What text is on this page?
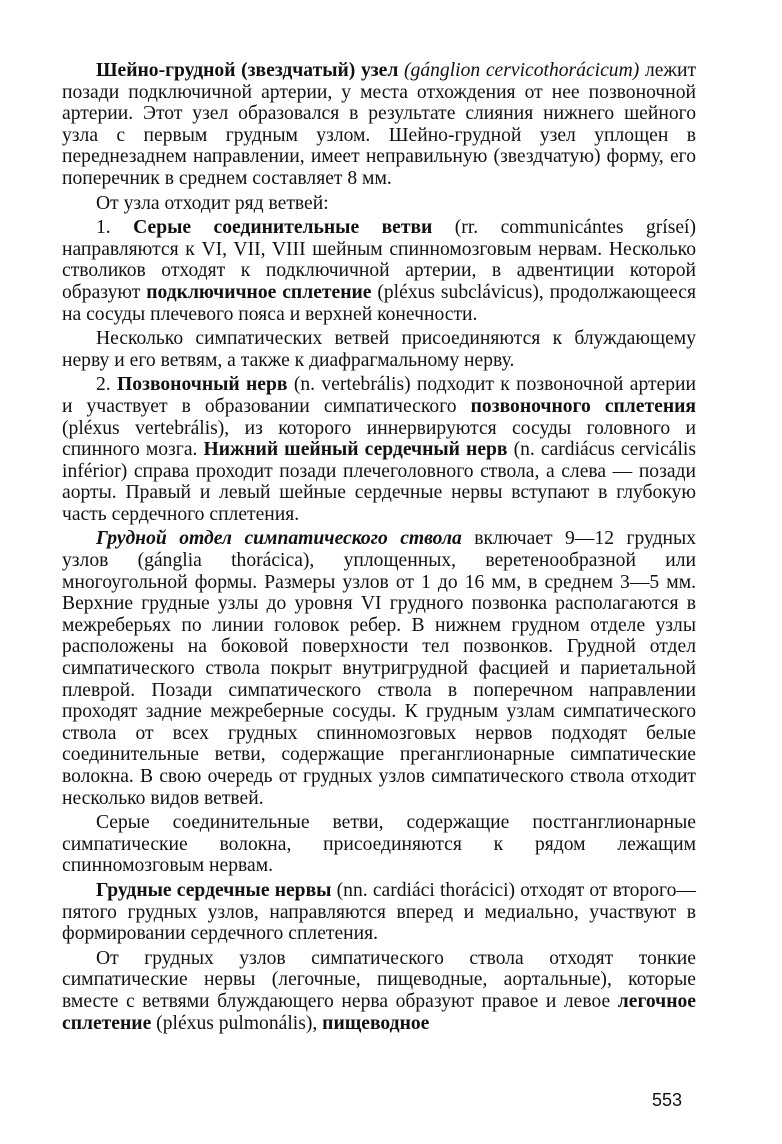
Шейно-грудной (звездчатый) узел (gánglion cervicothorácicum) лежит позади подключичной артерии, у места отхождения от нее позвоночной артерии. Этот узел образовался в результате слияния нижнего шейного узла с первым грудным узлом. Шейно-грудной узел уплощен в переднезаднем направлении, имеет неправильную (звездчатую) форму, его поперечник в среднем составляет 8 мм.

От узла отходит ряд ветвей:

1. Серые соединительные ветви (rr. communicántes gríseí) направляются к VI, VII, VIII шейным спинномозговым нервам. Несколько стволиков отходят к подключичной артерии, в адвентиции которой образуют подключичное сплетение (pléxus subclávicus), продолжающееся на сосуды плечевого пояса и верхней конечности.

Несколько симпатических ветвей присоединяются к блуждающему нерву и его ветвям, а также к диафрагмальному нерву.

2. Позвоночный нерв (n. vertebrális) подходит к позвоночной артерии и участвует в образовании симпатического позвоночного сплетения (pléxus vertebrális), из которого иннервируются сосуды головного и спинного мозга. Нижний шейный сердечный нерв (n. cardiácus cervicális inférior) справа проходит позади плечеголовного ствола, а слева — позади аорты. Правый и левый шейные сердечные нервы вступают в глубокую часть сердечного сплетения.

Грудной отдел симпатического ствола включает 9—12 грудных узлов (gánglia thorácica), уплощенных, веретенообразной или многоугольной формы. Размеры узлов от 1 до 16 мм, в среднем 3—5 мм. Верхние грудные узлы до уровня VI грудного позвонка располагаются в межреберьях по линии головок ребер. В нижнем грудном отделе узлы расположены на боковой поверхности тел позвонков. Грудной отдел симпатического ствола покрыт внутригрудной фасцией и париетальной плеврой. Позади симпатического ствола в поперечном направлении проходят задние межреберные сосуды. К грудным узлам симпатического ствола от всех грудных спинномозговых нервов подходят белые соединительные ветви, содержащие преганглионарные симпатические волокна. В свою очередь от грудных узлов симпатического ствола отходит несколько видов ветвей.

Серые соединительные ветви, содержащие постганглионарные симпатические волокна, присоединяются к рядом лежащим спинномозговым нервам.

Грудные сердечные нервы (nn. cardiáci thorácici) отходят от второго—пятого грудных узлов, направляются вперед и медиально, участвуют в формировании сердечного сплетения.

От грудных узлов симпатического ствола отходят тонкие симпатические нервы (легочные, пищеводные, аортальные), которые вместе с ветвями блуждающего нерва образуют правое и левое легочное сплетение (pléxus pulmonális), пищеводное

553
